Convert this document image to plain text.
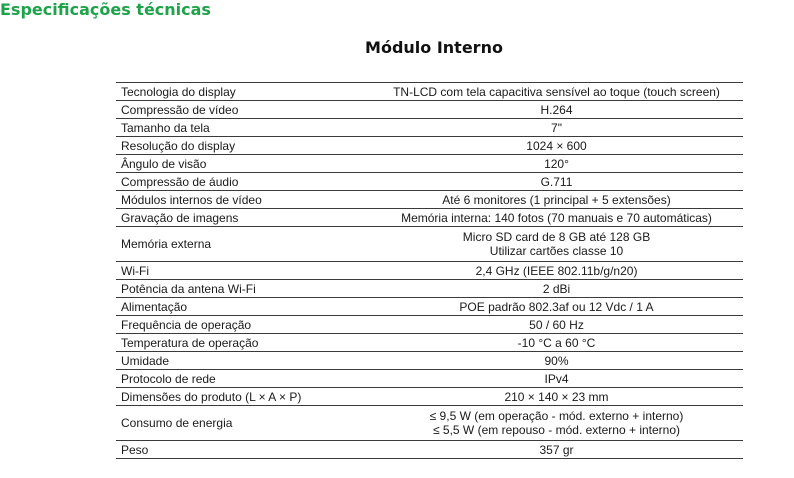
Especificações técnicas
Módulo Interno
Tecnologia do display	TN-LCD com tela capacitiva sensível ao toque (touch screen)
Compressão de vídeo	H.264
Tamanho da tela	7"
Resolução do display	1024 × 600
Ângulo de visão	120°
Compressão de áudio	G.711
Módulos internos de vídeo	Até 6 monitores (1 principal + 5 extensões)
Gravação de imagens	Memória interna: 140 fotos (70 manuais e 70 automáticas)
Memória externa	Micro SD card de 8 GB até 128 GB
Utilizar cartões classe 10

Wi-Fi	2,4 GHz (IEEE 802.11b/g/n20)
Potência da antena Wi-Fi	2 dBi
Alimentação	POE padrão 802.3af ou 12 Vdc / 1 A
Frequência de operação	50 / 60 Hz
Temperatura de operação	-10 °C a 60 °C
Umidade	90%
Protocolo de rede	IPv4
Dimensões do produto (L × A × P)	210 × 140 × 23 mm
Consumo de energia	≤ 9,5 W (em operação - mód. externo + interno)
≤ 5,5 W (em repouso - mód. externo + interno)

Peso	357 gr
